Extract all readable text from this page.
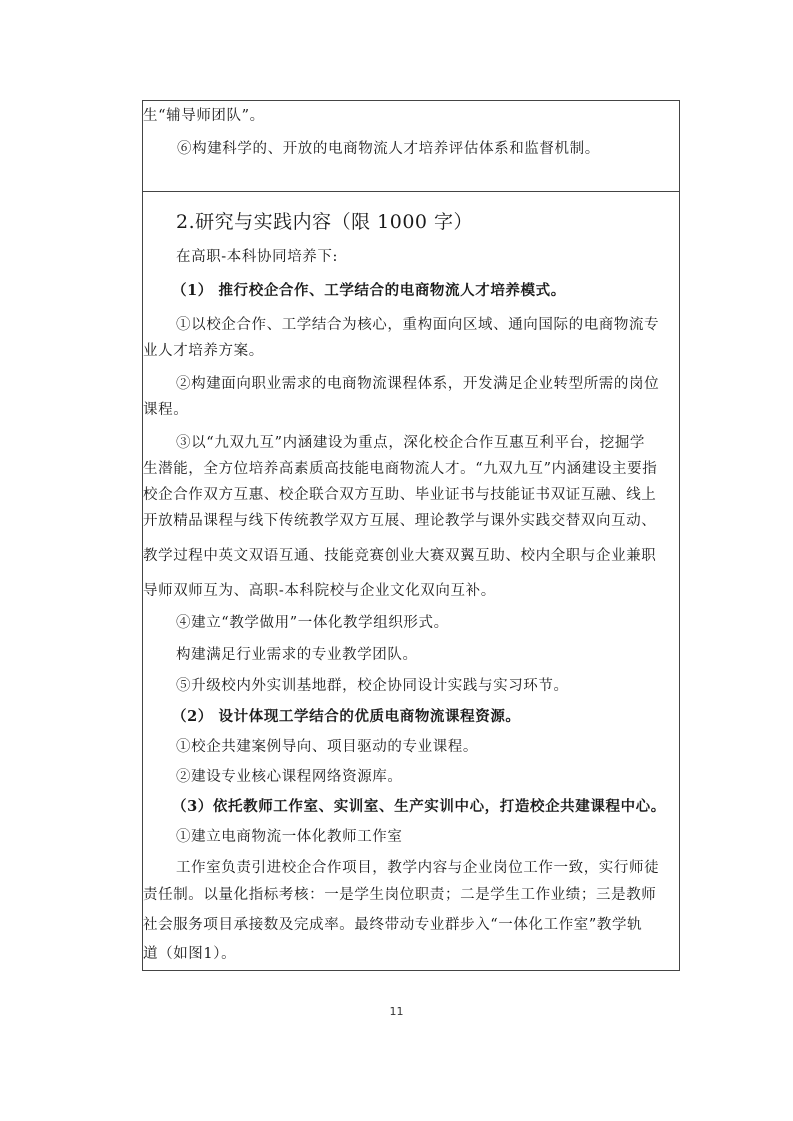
生“辅导师团队”。
⑥构建科学的、开放的电商物流人才培养评估体系和监督机制。
2.研究与实践内容（限 1000 字）
在高职-本科协同培养下:
（1） 推行校企合作、工学结合的电商物流人才培养模式。
①以校企合作、工学结合为核心，重构面向区域、通向国际的电商物流专
业人才培养方案。
②构建面向职业需求的电商物流课程体系，开发满足企业转型所需的岗位
课程。
③以“九双九互”内涵建设为重点，深化校企合作互惠互利平台，挖掘学
生潜能，全方位培养高素质高技能电商物流人才。“九双九互”内涵建设主要指
校企合作双方互惠、校企联合双方互助、毕业证书与技能证书双证互融、线上
开放精品课程与线下传统教学双方互展、理论教学与课外实践交替双向互动、
教学过程中英文双语互通、技能竞赛创业大赛双翼互助、校内全职与企业兼职
导师双师互为、高职-本科院校与企业文化双向互补。
④建立“教学做用”一体化教学组织形式。
构建满足行业需求的专业教学团队。
⑤升级校内外实训基地群，校企协同设计实践与实习环节。
（2） 设计体现工学结合的优质电商物流课程资源。
①校企共建案例导向、项目驱动的专业课程。
②建设专业核心课程网络资源库。
（3）依托教师工作室、实训室、生产实训中心，打造校企共建课程中心。
①建立电商物流一体化教师工作室
工作室负责引进校企合作项目，教学内容与企业岗位工作一致，实行师徒
责任制。以量化指标考核：一是学生岗位职责；二是学生工作业绩；三是教师
社会服务项目承接数及完成率。最终带动专业群步入“一体化工作室”教学轨
道（如图1）。
11
